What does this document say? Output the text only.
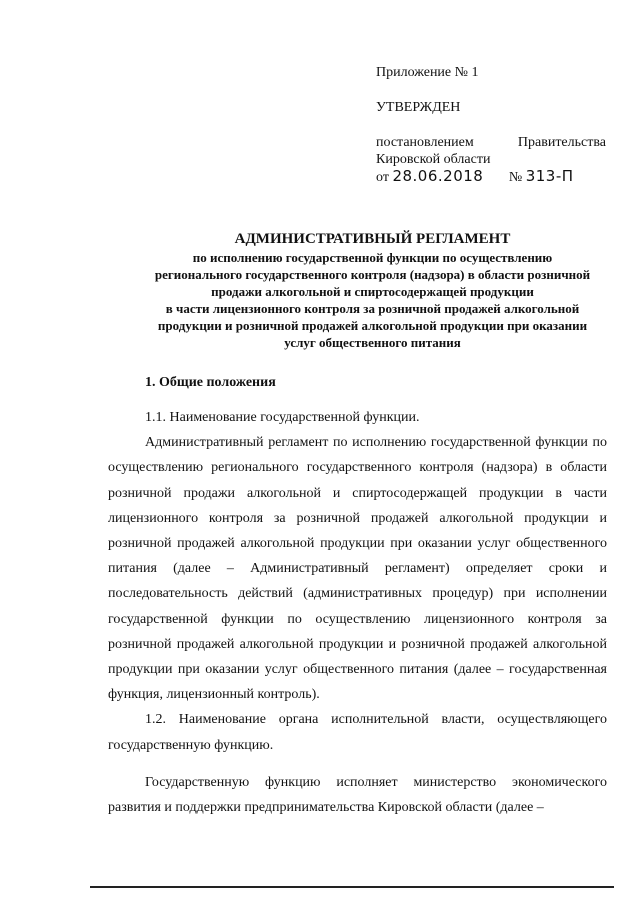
Приложение № 1
УТВЕРЖДЕН
постановлением	Правительства
Кировской области
от 28.06.2018 № 313-П
АДМИНИСТРАТИВНЫЙ РЕГЛАМЕНТ
по исполнению государственной функции по осуществлению
регионального государственного контроля (надзора) в области розничной
продажи алкогольной и спиртосодержащей продукции
в части лицензионного контроля за розничной продажей алкогольной
продукции и розничной продажей алкогольной продукции при оказании
услуг общественного питания
1. Общие положения

1.1. Наименование государственной функции.

Административный регламент по исполнению государственной функции по осуществлению регионального государственного контроля (надзора) в области розничной продажи алкогольной и спиртосодержащей продукции в части лицензионного контроля за розничной продажей алкогольной продукции и розничной продажей алкогольной продукции при оказании услуг общественного питания (далее – Административный регламент) определяет сроки и последовательность действий (административных процедур) при исполнении государственной функции по осуществлению лицензионного контроля за розничной продажей алкогольной продукции и розничной продажей алкогольной продукции при оказании услуг общественного питания (далее – государственная функция, лицензионный контроль).

1.2. Наименование органа исполнительной власти, осуществляющего государственную функцию.

Государственную функцию исполняет министерство экономического развития и поддержки предпринимательства Кировской области (далее –
